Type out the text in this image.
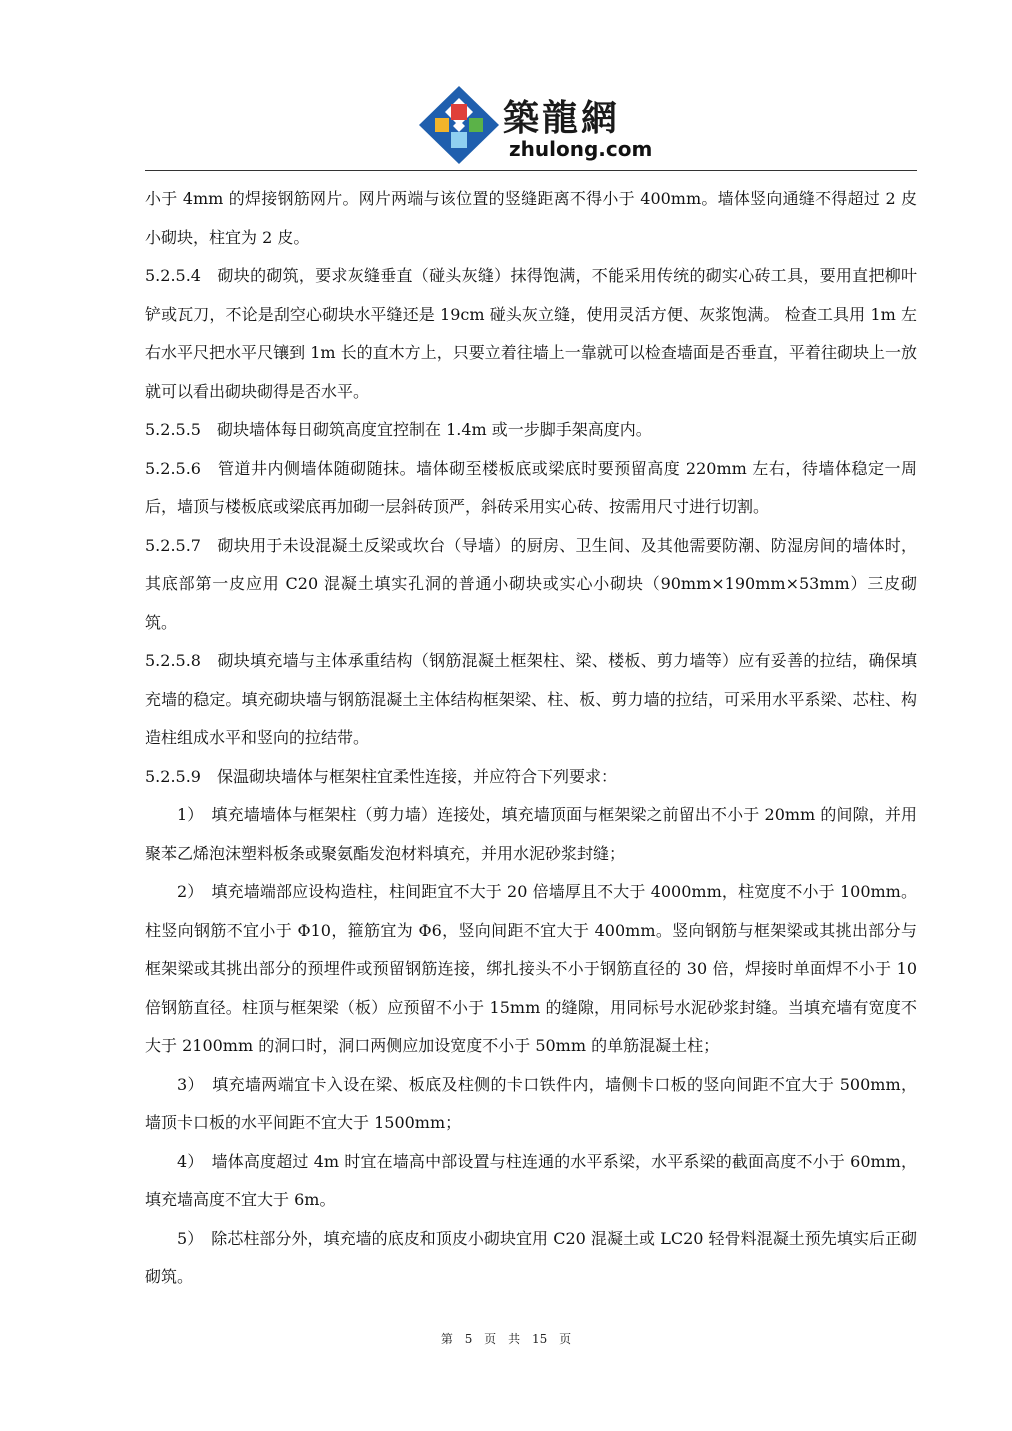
築龍網
zhulong.com

小于 4mm 的焊接钢筋网片。网片两端与该位置的竖缝距离不得小于 400mm。墙体竖向通缝不得超过 2 皮小砌块，柱宜为 2 皮。

5.2.5.4　砌块的砌筑，要求灰缝垂直（碰头灰缝）抹得饱满，不能采用传统的砌实心砖工具，要用直把柳叶铲或瓦刀，不论是刮空心砌块水平缝还是 19cm 碰头灰立缝，使用灵活方便、灰浆饱满。 检查工具用 1m 左右水平尺把水平尺镶到 1m 长的直木方上，只要立着往墙上一靠就可以检查墙面是否垂直，平着往砌块上一放就可以看出砌块砌得是否水平。

5.2.5.5　砌块墙体每日砌筑高度宜控制在 1.4m 或一步脚手架高度内。

5.2.5.6　管道井内侧墙体随砌随抹。墙体砌至楼板底或梁底时要预留高度 220mm 左右，待墙体稳定一周后，墙顶与楼板底或梁底再加砌一层斜砖顶严，斜砖采用实心砖、按需用尺寸进行切割。

5.2.5.7　砌块用于未设混凝土反梁或坎台（导墙）的厨房、卫生间、及其他需要防潮、防湿房间的墙体时，其底部第一皮应用 C20 混凝土填实孔洞的普通小砌块或实心小砌块（90mm×190mm×53mm）三皮砌筑。

5.2.5.8　砌块填充墙与主体承重结构（钢筋混凝土框架柱、梁、楼板、剪力墙等）应有妥善的拉结，确保填充墙的稳定。填充砌块墙与钢筋混凝土主体结构框架梁、柱、板、剪力墙的拉结，可采用水平系梁、芯柱、构造柱组成水平和竖向的拉结带。

5.2.5.9　保温砌块墙体与框架柱宜柔性连接，并应符合下列要求：

1）　填充墙墙体与框架柱（剪力墙）连接处，填充墙顶面与框架梁之前留出不小于 20mm 的间隙，并用聚苯乙烯泡沫塑料板条或聚氨酯发泡材料填充，并用水泥砂浆封缝；

2）　填充墙端部应设构造柱，柱间距宜不大于 20 倍墙厚且不大于 4000mm，柱宽度不小于 100mm。柱竖向钢筋不宜小于 Φ10，箍筋宜为 Φ6，竖向间距不宜大于 400mm。竖向钢筋与框架梁或其挑出部分与框架梁或其挑出部分的预埋件或预留钢筋连接，绑扎接头不小于钢筋直径的 30 倍，焊接时单面焊不小于 10 倍钢筋直径。柱顶与框架梁（板）应预留不小于 15mm 的缝隙，用同标号水泥砂浆封缝。当填充墙有宽度不大于 2100mm 的洞口时，洞口两侧应加设宽度不小于 50mm 的单筋混凝土柱；

3）　填充墙两端宜卡入设在梁、板底及柱侧的卡口铁件内，墙侧卡口板的竖向间距不宜大于 500mm，墙顶卡口板的水平间距不宜大于 1500mm；

4）　墙体高度超过 4m 时宜在墙高中部设置与柱连通的水平系梁，水平系梁的截面高度不小于 60mm，填充墙高度不宜大于 6m。

5）　除芯柱部分外，填充墙的底皮和顶皮小砌块宜用 C20 混凝土或 LC20 轻骨料混凝土预先填实后正砌砌筑。

第 5 页　共 15 页
